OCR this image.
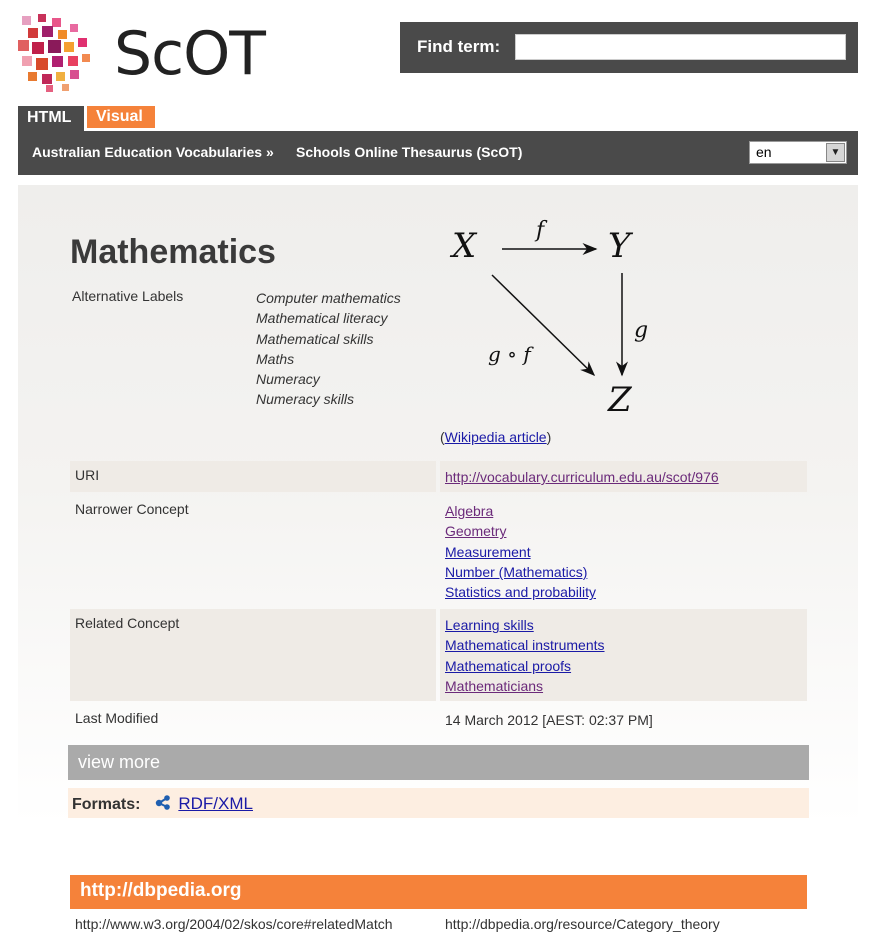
ScOT	Find term:
HTML	Visual
Australian Education Vocabularies » Schools Online Thesaurus (ScOT)	en	▼
Mathematics
Alternative Labels	Computer mathematics
Mathematical literacy
Mathematical skills
Maths
Numeracy
Numeracy skills
X	Y
Z
f
g
g ∘ f
(Wikipedia article)
URI	http://vocabulary.curriculum.edu.au/scot/976
Narrower Concept	Algebra
Geometry
Measurement
Number (Mathematics)
Statistics and probability
Related Concept	Learning skills
Mathematical instruments
Mathematical proofs
Mathematicians
Last Modified	14 March 2012 [AEST: 02:37 PM]
view more
Formats: RDF/XML
http://dbpedia.org
http://www.w3.org/2004/02/skos/core#relatedMatch	http://dbpedia.org/resource/Category_theory
